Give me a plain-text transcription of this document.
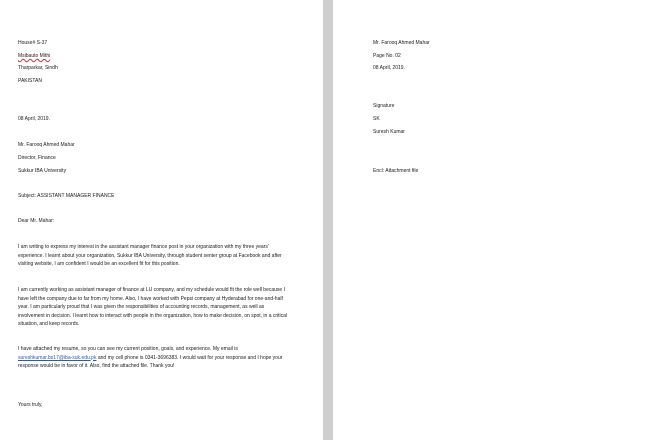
House# S-37
Msibauto Mithi
Tharparkar, Sindh
PAKISTAN
08 April, 2019.
Mr. Farooq Ahmed Mahar
Director, Finance
Sukkur IBA University
Subject: ASSISTANT MANAGER FINANCE
Dear Mr. Mahar:
I am writing to express my interest in the assistant manager finance post in your organization with my three years' experience. I learnt about your organization, Sukkur IBA University, through student senter group at Facebook and after visiting website, I am confident I would be an excellent fit for this position.
I am currently working as assistant manager of finance at LU company, and my schedule would fit the role well because I have left the company due to far from my home. Also, I have worked with Pepsi company at Hyderabad for one-and-half year. I am particularly proud that I was given the responsibilities of accounting records, management, as well as involvement in decision. I learnt how to interact with people in the organization, how to make decision, on spot, in a critical situation, and keep records.
I have attached my resume, so you can see my current position, goals, and experience. My email is sureshkumar.bs17@iba-suk.edu.pk and my cell phone is 0341-3696383. I would wait for your response and I hope your response would be in favor of it. Also, find the attached file. Thank you!
Yours truly,
Mr. Farooq Ahmed Mahar
Page No. 02
08 April, 2019.
Signature
SK
Suresh Kumar
Encl: Attachment file
